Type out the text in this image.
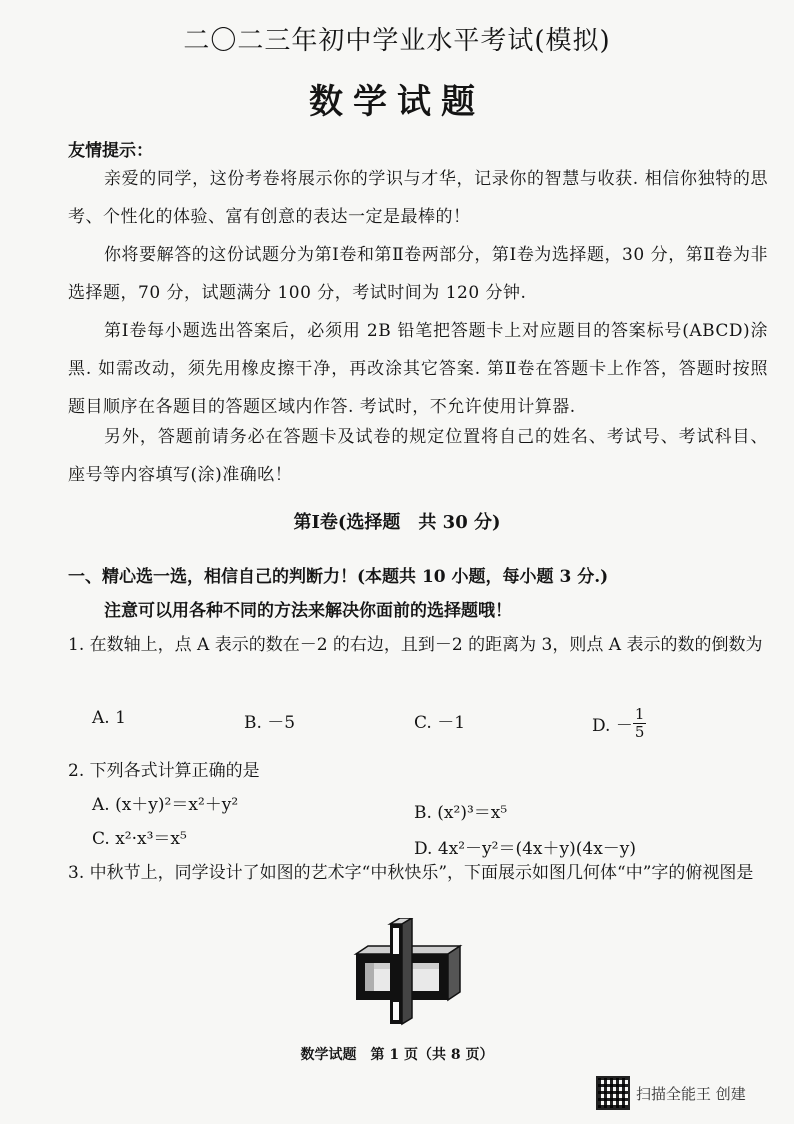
二〇二三年初中学业水平考试(模拟)
数学试题
友情提示：
亲爱的同学，这份考卷将展示你的学识与才华，记录你的智慧与收获. 相信你独特的思考、个性化的体验、富有创意的表达一定是最棒的！
你将要解答的这份试题分为第Ⅰ卷和第Ⅱ卷两部分，第Ⅰ卷为选择题，30 分，第Ⅱ卷为非选择题，70 分，试题满分 100 分，考试时间为 120 分钟.
第Ⅰ卷每小题选出答案后，必须用 2B 铅笔把答题卡上对应题目的答案标号(ABCD)涂黑. 如需改动，须先用橡皮擦干净，再改涂其它答案. 第Ⅱ卷在答题卡上作答，答题时按照题目顺序在各题目的答题区域内作答. 考试时，不允许使用计算器.
另外，答题前请务必在答题卡及试卷的规定位置将自己的姓名、考试号、考试科目、座号等内容填写(涂)准确吆！
第Ⅰ卷(选择题　共 30 分)
一、精心选一选，相信自己的判断力！(本题共 10 小题，每小题 3 分.)
注意可以用各种不同的方法来解决你面前的选择题哦！
1. 在数轴上，点 A 表示的数在－2 的右边，且到－2 的距离为 3，则点 A 表示的数的倒数为
A. 1	B. －5	C. －1	D. － $\frac{1}{5}$
2. 下列各式计算正确的是
A. (x＋y)²＝x²＋y²	B. (x²)³＝x⁵
C. x²·x³＝x⁵	D. 4x²－y²＝(4x＋y)(4x－y)
3. 中秋节上，同学设计了如图的艺术字“中秋快乐”，下面展示如图几何体“中”字的俯视图是
数学试题　第 1 页（共 8 页）
扫描全能王 创建
